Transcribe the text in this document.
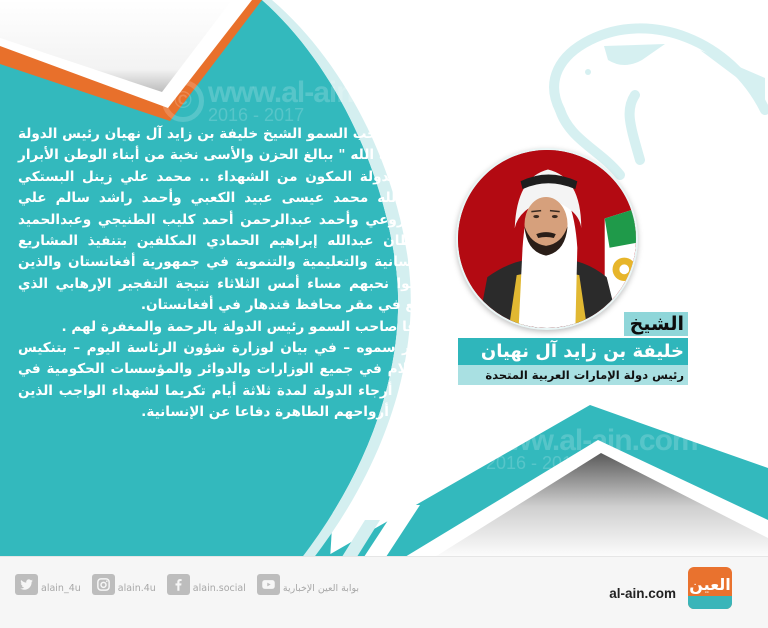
© www.al-ain.com
2016 - 2017
© www.al-ain.com
2016 - 2017

ينعى صاحب السمو الشيخ خليفة بن زايد آل نهيان رئيس الدولة " حفظه الله " ببالغ الحزن والأسى نخبة من أبناء الوطن الأبرار وفد الدولة المكون من الشهداء .. محمد علي زينل البستكي وعبدالله محمد عيسى عبيد الكعبي وأحمد راشد سالم علي المزروعي وأحمد عبدالرحمن أحمد كليب الطنيجي وعبدالحميد سلطان عبدالله إبراهيم الحمادي المكلفين بتنفيذ المشاريع الإنسانية والتعليمية والتنموية في جمهورية أفغانستان والذين قضوا نحبهم مساء أمس الثلاثاء نتيجة التفجير الإرهابي الذي وقع في مقر محافظ قندهار في أفغانستان.

ودعا صاحب السمو رئيس الدولة بالرحمة والمغفرة لهم .

وأمر سموه – في بيان لوزارة شؤون الرئاسة اليوم – بتنكيس الأعلام في جميع الوزارات والدوائر والمؤسسات الحكومية في جميع أرجاء الدولة لمدة ثلاثة أيام تكريما لشهداء الواجب الذين قدموا أرواحهم الطاهرة دفاعا عن الإنسانية.

الشيخ
خليفة بن زايد آل نهيان
رئيس دولة الإمارات العربية المتحدة
alain_4u	alain.4u	alain.social	بوابة العين الإخبارية	al-ain.com العين
